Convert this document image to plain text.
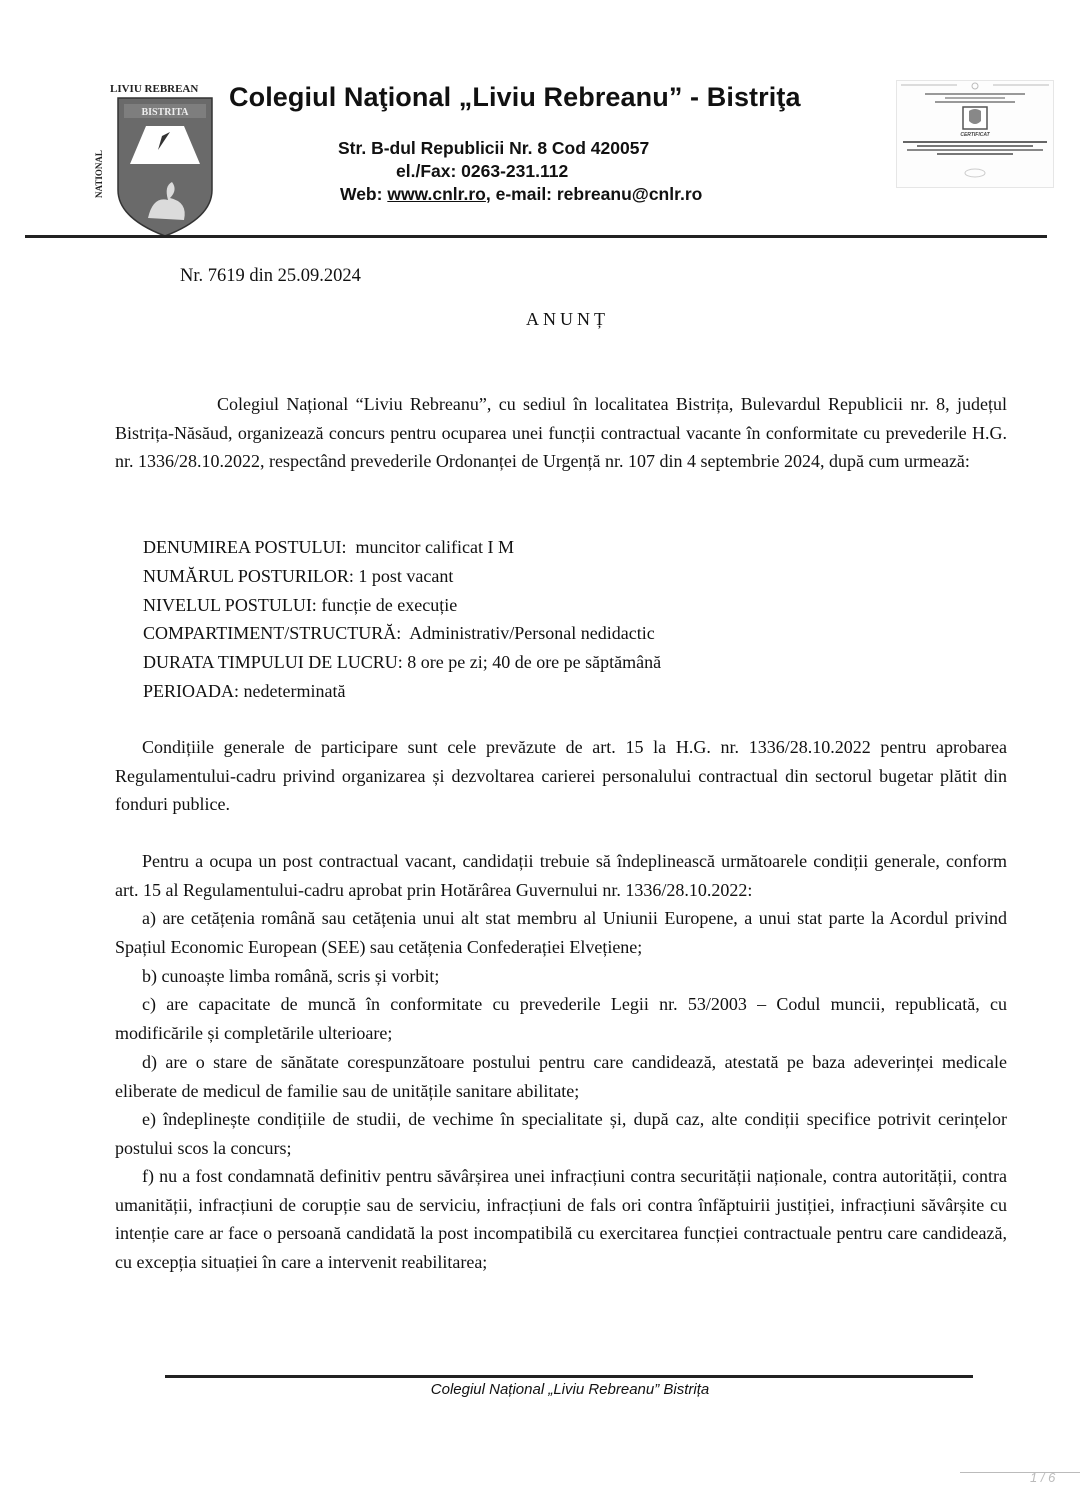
LIVIU REBREAN
BISTRITA
NATIONAL
Colegiul Naţional „Liviu Rebreanu” - Bistriţa
Str. B-dul Republicii Nr. 8 Cod 420057
el./Fax: 0263-231.112
Web: www.cnlr.ro, e-mail: rebreanu@cnlr.ro
CERTIFICAT
Nr. 7619 din 25.09.2024
ANUNȚ
Colegiul Național “Liviu Rebreanu”, cu sediul în localitatea Bistrița, Bulevardul Republicii nr. 8, județul Bistrița-Năsăud, organizează concurs pentru ocuparea unei funcții contractual vacante în conformitate cu prevederile H.G. nr. 1336/28.10.2022, respectând prevederile Ordonanței de Urgență nr. 107 din 4 septembrie 2024, după cum urmează:
DENUMIREA POSTULUI:  muncitor calificat I M
NUMĂRUL POSTURILOR: 1 post vacant
NIVELUL POSTULUI: funcție de execuție
COMPARTIMENT/STRUCTURĂ:  Administrativ/Personal nedidactic
DURATA TIMPULUI DE LUCRU: 8 ore pe zi; 40 de ore pe săptămână
PERIOADA: nedeterminată
Condițiile generale de participare sunt cele prevăzute de art. 15 la H.G. nr. 1336/28.10.2022 pentru aprobarea Regulamentului-cadru privind organizarea și dezvoltarea carierei personalului contractual din sectorul bugetar plătit din fonduri publice.
Pentru a ocupa un post contractual vacant, candidații trebuie să îndeplinească următoarele condiții generale, conform art. 15 al Regulamentului-cadru aprobat prin Hotărârea Guvernului nr. 1336/28.10.2022:
a) are cetățenia română sau cetățenia unui alt stat membru al Uniunii Europene, a unui stat parte la Acordul privind Spațiul Economic European (SEE) sau cetățenia Confederației Elvețiene;
b) cunoaște limba română, scris și vorbit;
c) are capacitate de muncă în conformitate cu prevederile Legii nr. 53/2003 – Codul muncii, republicată, cu modificările și completările ulterioare;
d) are o stare de sănătate corespunzătoare postului pentru care candidează, atestată pe baza adeverinței medicale eliberate de medicul de familie sau de unitățile sanitare abilitate;
e) îndeplinește condițiile de studii, de vechime în specialitate și, după caz, alte condiții specifice potrivit cerințelor postului scos la concurs;
f) nu a fost condamnată definitiv pentru săvârșirea unei infracțiuni contra securității naționale, contra autorității, contra umanității, infracțiuni de corupție sau de serviciu, infracțiuni de fals ori contra înfăptuirii justiției, infracțiuni săvârșite cu intenție care ar face o persoană candidată la post incompatibilă cu exercitarea funcției contractuale pentru care candidează, cu excepția situației în care a intervenit reabilitarea;
Colegiul Național „Liviu Rebreanu” Bistrița
1 / 6
